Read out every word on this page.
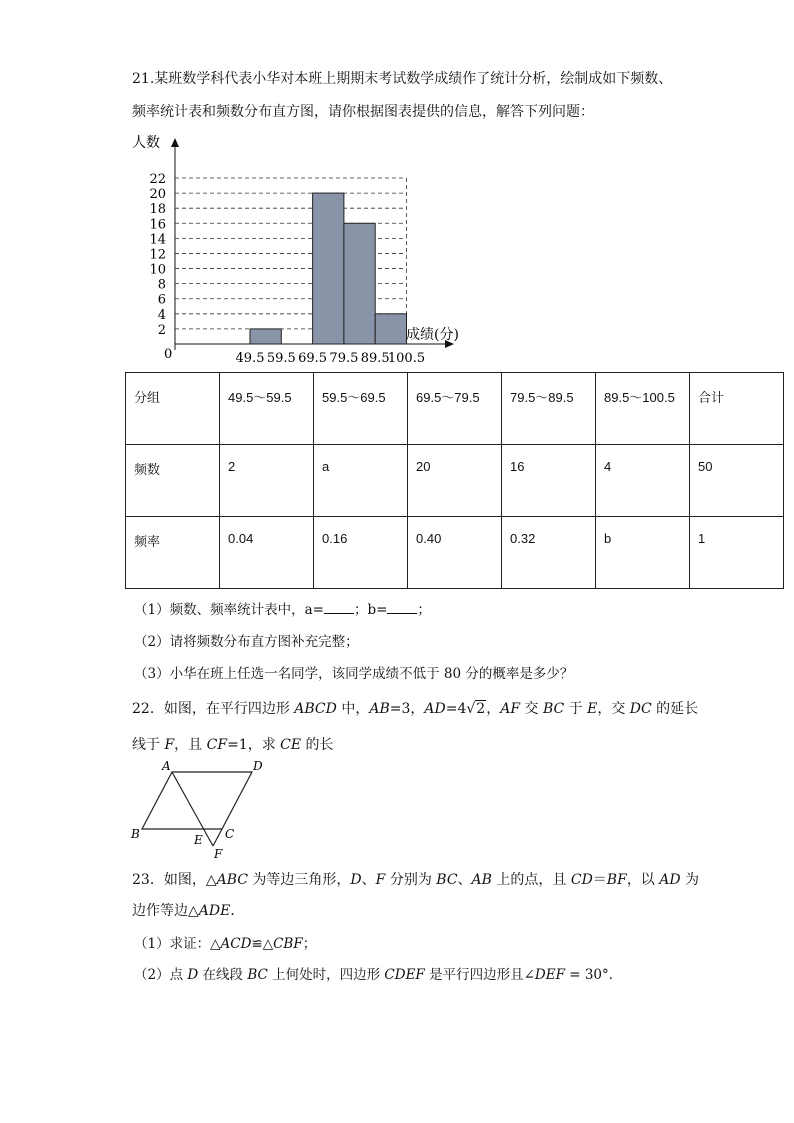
21.某班数学科代表小华对本班上期期末考试数学成绩作了统计分析，绘制成如下频数、
频率统计表和频数分布直方图，请你根据图表提供的信息，解答下列问题：
人数
成绩(分)
0
2
4
6
8
10
12
14
16
18
20
22
49.5 59.5 69.5 79.5 89.5
100.5
分组	49.5～59.5	59.5～69.5	69.5～79.5	79.5～89.5	89.5～100.5	合计
频数	2	a	20	16	4	50
频率	0.04	0.16	0.40	0.32	b	1
（1）频数、频率统计表中，a= ；b= ；
（2）请将频数分布直方图补充完整；
（3）小华在班上任选一名同学，该同学成绩不低于 80 分的概率是多少？
22．如图，在平行四边形 ABCD 中，AB=3，AD=4√2，AF 交 BC 于 E，交 DC 的延长
线于 F，且 CF=1，求 CE 的长
A	D
B	C
E
F
23．如图，△ABC 为等边三角形，D、F 分别为 BC、AB 上的点，且 CD＝BF，以 AD 为
边作等边△ADE．
（1）求证：△ACD≌△CBF；
（2）点 D 在线段 BC 上何处时，四边形 CDEF 是平行四边形且∠DEF = 30°．
